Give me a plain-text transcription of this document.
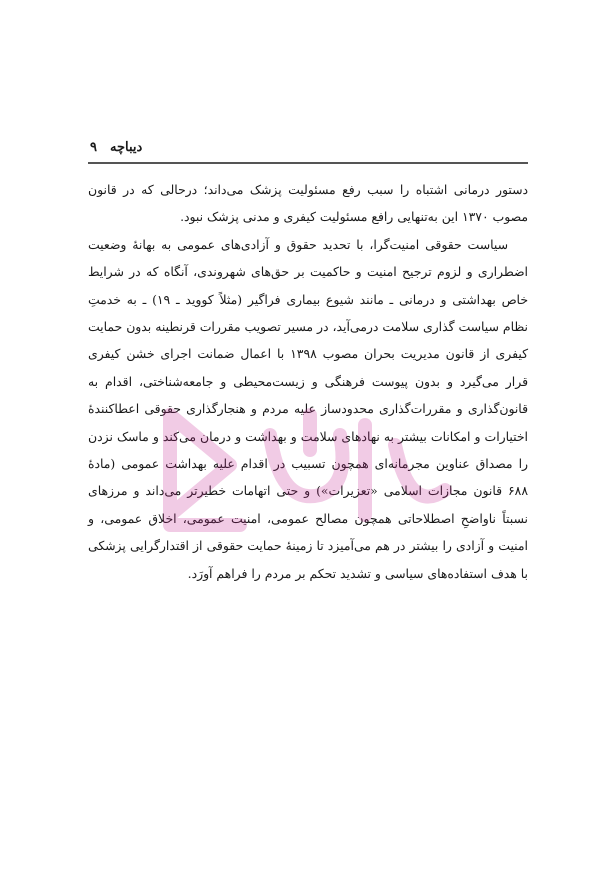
دیباچه
۹

دستور درمانی اشتباه را سبب رفع مسئولیت پزشک می‌داند؛ درحالی که در قانون مصوب ۱۳۷۰ این به‌تنهایی رافع مسئولیت کیفری و مدنی پزشک نبود.

سیاست حقوقی امنیت‌گرا، با تحدید حقوق و آزادی‌های عمومی به بهانهٔ وضعیت اضطراری و لزوم ترجیح امنیت و حاکمیت بر حق‌های شهروندی، آنگاه که در شرایط خاص بهداشتی و درمانی ـ مانند شیوع بیماری فراگیر (مثلاً کووید ـ ۱۹) ـ به خدمتِ نظام سیاست گذاری سلامت درمی‌آید، در مسیر تصویب مقررات قرنطینه بدون حمایت کیفری از قانون مدیریت بحران مصوب ۱۳۹۸ با اعمال ضمانت اجرای خشن کیفری قرار می‌گیرد و بدون پیوست فرهنگی و زیست‌محیطی و جامعه‌شناختی، اقدام به قانون‌گذاری و مقررات‌گذاری محدودساز علیه مردم و هنجارگذاری حقوقی اعطاکنندهٔ اختیارات و امکانات بیشتر به نهادهای سلامت و بهداشت و درمان می‌کند و ماسک نزدن را مصداق عناوین مجرمانه‌ای همچون تسبیب در اقدام علیه بهداشت عمومی (مادهٔ ۶۸۸ قانون مجازات اسلامی «تعزیرات») و حتی اتهامات خطیرتر می‌داند و مرزهای نسبتاً ناواضحِ اصطلاحاتی همچون مصالح عمومی، امنیت عمومی، اخلاق عمومی، و امنیت و آزادی را بیشتر در هم می‌آمیزد تا زمینهٔ حمایت حقوقی از اقتدارگرایی پزشکی با هدف استفاده‌های سیاسی و تشدید تحکم بر مردم را فراهم آورَد.
